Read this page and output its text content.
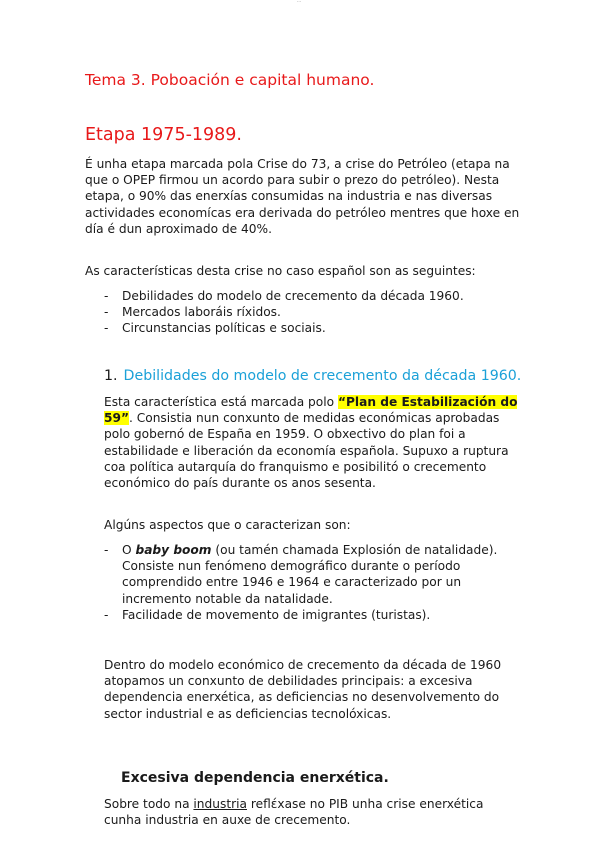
···
Tema 3. Poboación e capital humano.
Etapa 1975-1989.

É unha etapa marcada pola Crise do 73, a crise do Petróleo (etapa na que o OPEP firmou un acordo para subir o prezo do petróleo). Nesta etapa, o 90% das enerxías consumidas na industria e nas diversas actividades economícas era derivada do petróleo mentres que hoxe en día é dun aproximado de 40%.

As características desta crise no caso español son as seguintes:

- Debilidades do modelo de crecemento da década 1960.
- Mercados laboráis ríxidos.
- Circunstancias políticas e sociais.
1. Debilidades do modelo de crecemento da década 1960.

Esta característica está marcada polo “Plan de Estabilización do 59”. Consistia nun conxunto de medidas económicas aprobadas polo gobernó de España en 1959. O obxectivo do plan foi a estabilidade e liberación da economía española. Supuxo a ruptura coa política autarquía do franquismo e posibilitó o crecemento económico do país durante os anos sesenta.

Algúns aspectos que o caracterizan son:

- O baby boom (ou tamén chamada Explosión de natalidade). Consiste nun fenómeno demográfico durante o período comprendido entre 1946 e 1964 e caracterizado por un incremento notable da natalidade.
- Facilidade de movemento de imigrantes (turistas).

Dentro do modelo económico de crecemento da década de 1960 atopamos un conxunto de debilidades principais: a excesiva dependencia enerxética, as deficiencias no desenvolvemento do sector industrial e as deficiencias tecnolóxicas.

Excesiva dependencia enerxética.

Sobre todo na industria reflέxase no PIB unha crise enerxética cunha industria en auxe de crecemento.
